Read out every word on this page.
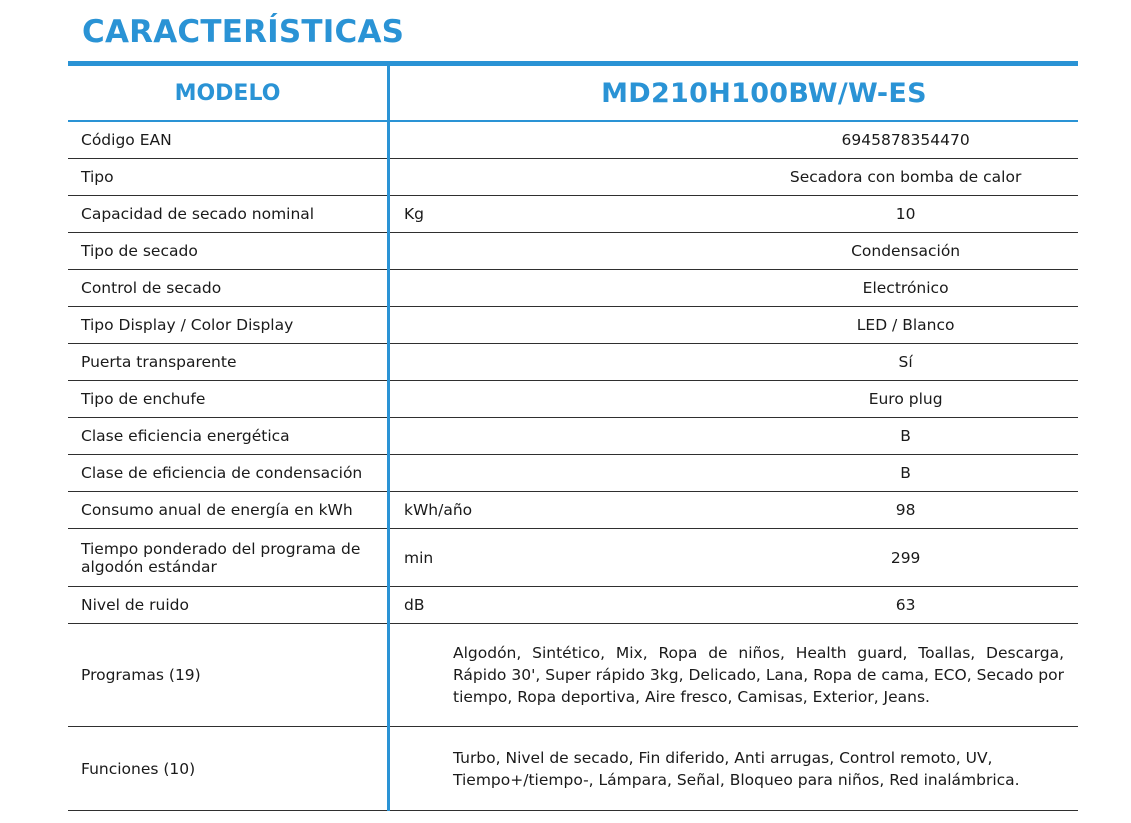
CARACTERÍSTICAS
MODELO	MD210H100BW/W-ES	
Código EAN		6945878354470
Tipo		Secadora con bomba de calor
Capacidad de secado nominal	Kg	10
Tipo de secado		Condensación
Control de secado		Electrónico
Tipo Display / Color Display		LED / Blanco
Puerta transparente		Sí
Tipo de enchufe		Euro plug
Clase eficiencia energética		B
Clase de eficiencia de condensación		B
Consumo anual de energía en kWh	kWh/año	98
Tiempo ponderado del programa de algodón estándar	min	299
Nivel de ruido	dB	63
Programas (19)	Algodón, Sintético, Mix, Ropa de niños, Health guard, Toallas, Descarga, Rápido 30', Super rápido 3kg, Delicado, Lana, Ropa de cama, ECO, Secado por tiempo, Ropa deportiva, Aire fresco, Camisas, Exterior, Jeans.	
Funciones (10)	Turbo, Nivel de secado, Fin diferido, Anti arrugas, Control remoto, UV, Tiempo+/tiempo-, Lámpara, Señal, Bloqueo para niños, Red inalámbrica.	
